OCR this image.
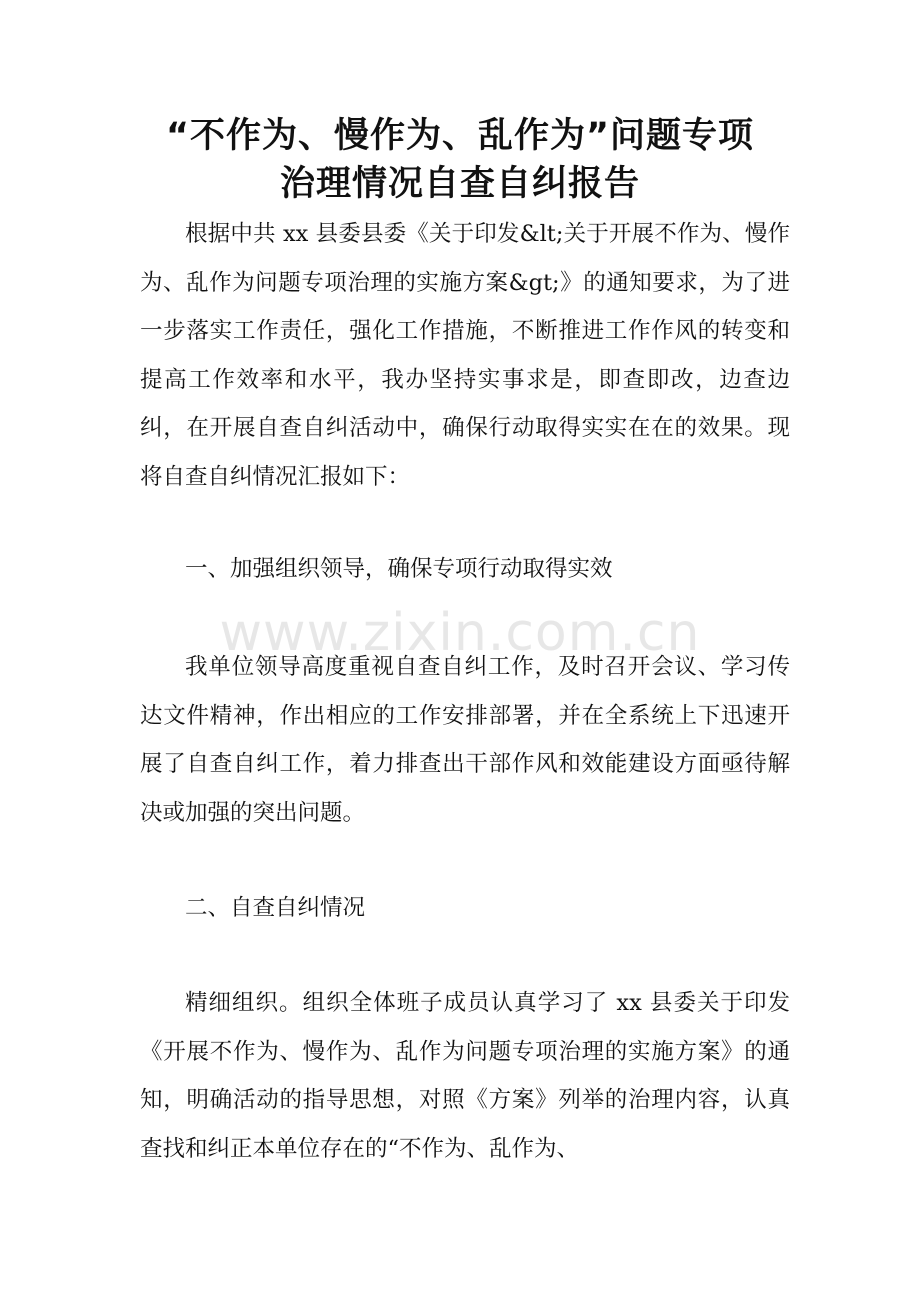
“不作为、慢作为、乱作为”问题专项
治理情况自查自纠报告

根据中共 xx 县委县委《关于印发&lt;关于开展不作为、慢作为、乱作为问题专项治理的实施方案&gt;》的通知要求，为了进一步落实工作责任，强化工作措施，不断推进工作作风的转变和提高工作效率和水平，我办坚持实事求是，即查即改，边查边纠，在开展自查自纠活动中，确保行动取得实实在在的效果。现将自查自纠情况汇报如下：

一、加强组织领导，确保专项行动取得实效

我单位领导高度重视自查自纠工作，及时召开会议、学习传达文件精神，作出相应的工作安排部署，并在全系统上下迅速开展了自查自纠工作，着力排查出干部作风和效能建设方面亟待解决或加强的突出问题。

二、自查自纠情况

精细组织。组织全体班子成员认真学习了 xx 县委关于印发《开展不作为、慢作为、乱作为问题专项治理的实施方案》的通知，明确活动的指导思想，对照《方案》列举的治理内容，认真查找和纠正本单位存在的“不作为、乱作为、

www.zixin.com.cn
